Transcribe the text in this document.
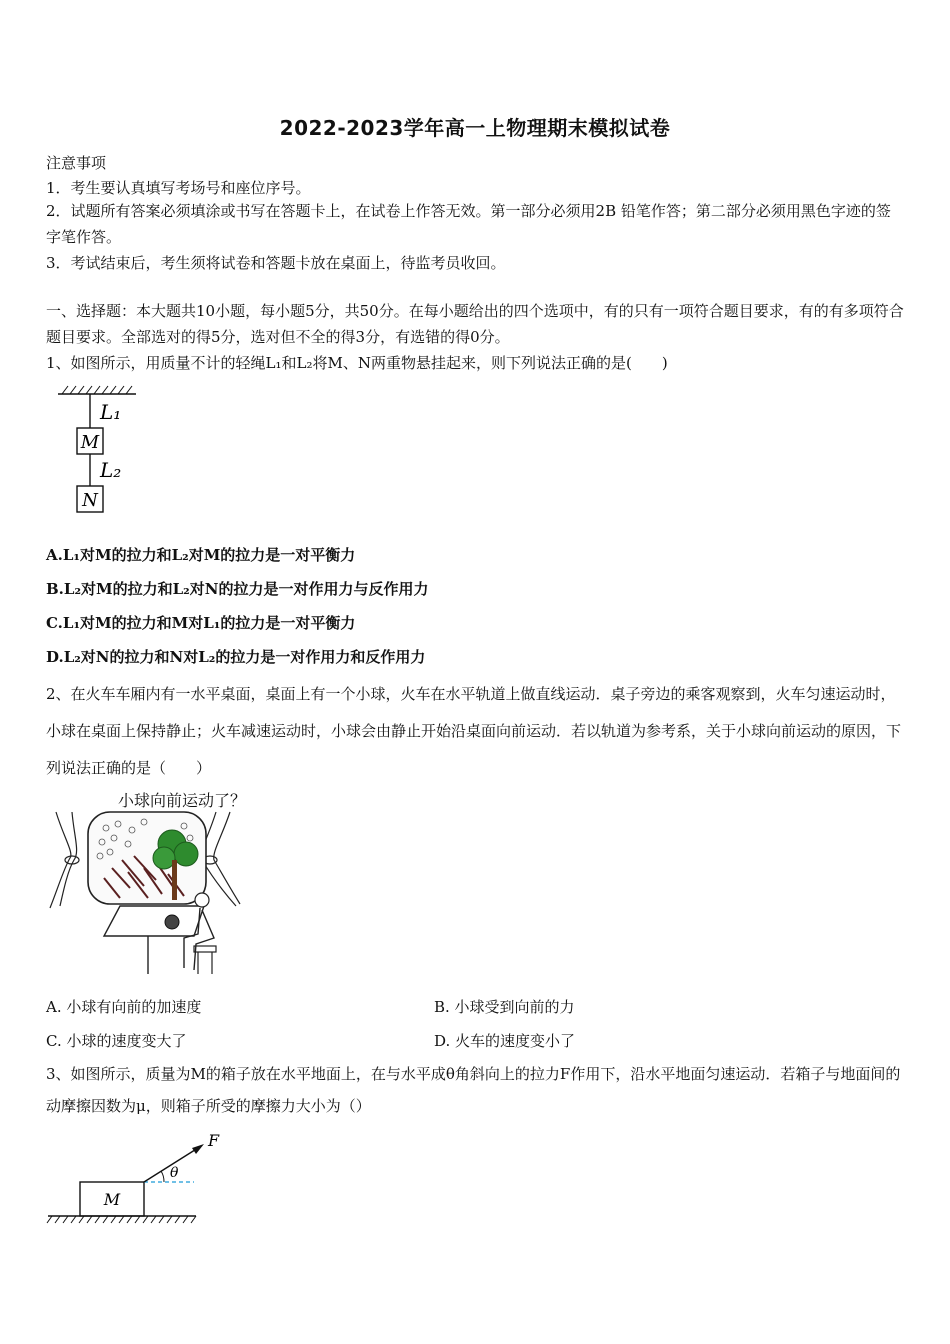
2022-2023学年高一上物理期末模拟试卷
注意事项
1．考生要认真填写考场号和座位序号。
2．试题所有答案必须填涂或书写在答题卡上，在试卷上作答无效。第一部分必须用2B 铅笔作答；第二部分必须用黑色字迹的签字笔作答。
3．考试结束后，考生须将试卷和答题卡放在桌面上，待监考员收回。
一、选择题：本大题共10小题，每小题5分，共50分。在每小题给出的四个选项中，有的只有一项符合题目要求，有的有多项符合题目要求。全部选对的得5分，选对但不全的得3分，有选错的得0分。
1、如图所示，用质量不计的轻绳L₁和L₂将M、N两重物悬挂起来，则下列说法正确的是(　　)
L₁
L₂
M
N
A.L₁对M的拉力和L₂对M的拉力是一对平衡力
B.L₂对M的拉力和L₂对N的拉力是一对作用力与反作用力
C.L₁对M的拉力和M对L₁的拉力是一对平衡力
D.L₂对N的拉力和N对L₂的拉力是一对作用力和反作用力
2、在火车车厢内有一水平桌面，桌面上有一个小球，火车在水平轨道上做直线运动．桌子旁边的乘客观察到，火车匀速运动时，小球在桌面上保持静止；火车减速运动时，小球会由静止开始沿桌面向前运动．若以轨道为参考系，关于小球向前运动的原因，下列说法正确的是（　　）
小球向前运动了？
A. 小球有向前的加速度	B. 小球受到向前的力
C. 小球的速度变大了	D. 火车的速度变小了
3、如图所示，质量为M的箱子放在水平地面上，在与水平成θ角斜向上的拉力F作用下，沿水平地面匀速运动．若箱子与地面间的动摩擦因数为μ，则箱子所受的摩擦力大小为（）
M
F
θ
